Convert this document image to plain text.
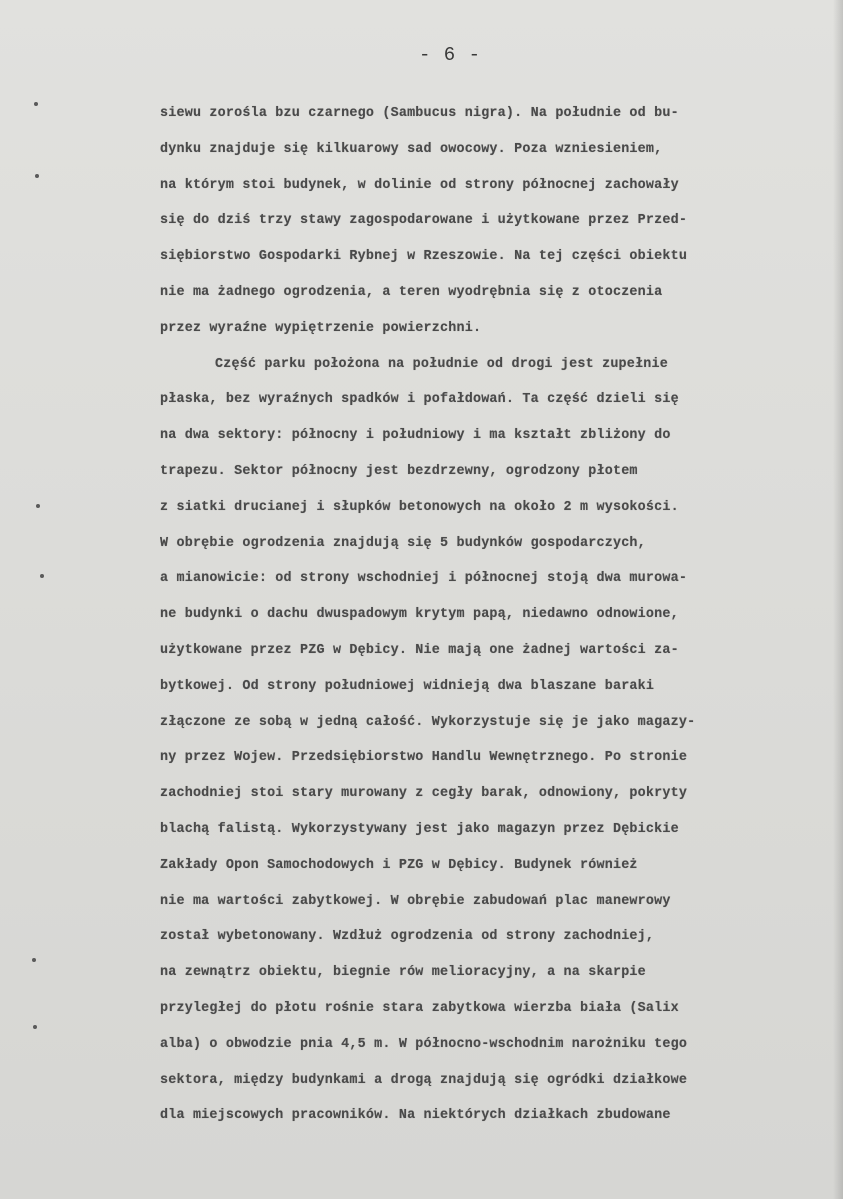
- 6 -
siewu zorośla bzu czarnego (Sambucus nigra). Na południe od bu-
dynku znajduje się kilkuarowy sad owocowy. Poza wzniesieniem,
na którym stoi budynek, w dolinie od strony północnej zachowały
się do dziś trzy stawy zagospodarowane i użytkowane przez Przed-
siębiorstwo Gospodarki Rybnej w Rzeszowie. Na tej części obiektu
nie ma żadnego ogrodzenia, a teren wyodrębnia się z otoczenia
przez wyraźne wypiętrzenie powierzchni.
Część parku położona na południe od drogi jest zupełnie
płaska, bez wyraźnych spadków i pofałdowań. Ta część dzieli się
na dwa sektory: północny i południowy i ma kształt zbliżony do
trapezu. Sektor północny jest bezdrzewny, ogrodzony płotem
z siatki drucianej i słupków betonowych na około 2 m wysokości.
W obrębie ogrodzenia znajdują się 5 budynków gospodarczych,
a mianowicie: od strony wschodniej i północnej stoją dwa murowa-
ne budynki o dachu dwuspadowym krytym papą, niedawno odnowione,
użytkowane przez PZG w Dębicy. Nie mają one żadnej wartości za-
bytkowej. Od strony południowej widnieją dwa blaszane baraki
złączone ze sobą w jedną całość. Wykorzystuje się je jako magazy-
ny przez Wojew. Przedsiębiorstwo Handlu Wewnętrznego. Po stronie
zachodniej stoi stary murowany z cegły barak, odnowiony, pokryty
blachą falistą. Wykorzystywany jest jako magazyn przez Dębickie
Zakłady Opon Samochodowych i PZG w Dębicy. Budynek również
nie ma wartości zabytkowej. W obrębie zabudowań plac manewrowy
został wybetonowany. Wzdłuż ogrodzenia od strony zachodniej,
na zewnątrz obiektu, biegnie rów melioracyjny, a na skarpie
przyległej do płotu rośnie stara zabytkowa wierzba biała (Salix
alba) o obwodzie pnia 4,5 m. W północno-wschodnim narożniku tego
sektora, między budynkami a drogą znajdują się ogródki działkowe
dla miejscowych pracowników. Na niektórych działkach zbudowane
